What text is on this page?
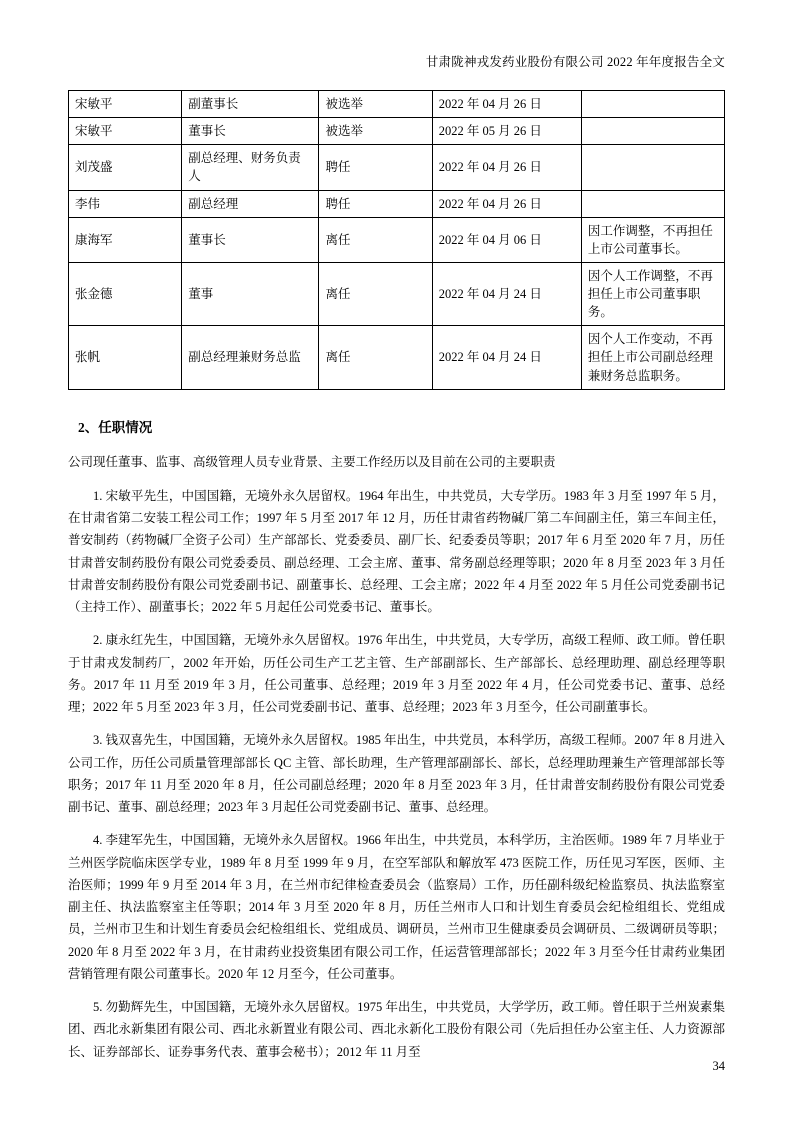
甘肃陇神戎发药业股份有限公司 2022 年年度报告全文
宋敏平	副董事长	被选举	2022 年 04 月 26 日	
宋敏平	董事长	被选举	2022 年 05 月 26 日	
刘茂盛	副总经理、财务负责人	聘任	2022 年 04 月 26 日	
李伟	副总经理	聘任	2022 年 04 月 26 日	
康海军	董事长	离任	2022 年 04 月 06 日	因工作调整，不再担任上市公司董事长。
张金德	董事	离任	2022 年 04 月 24 日	因个人工作调整，不再担任上市公司董事职务。
张帆	副总经理兼财务总监	离任	2022 年 04 月 24 日	因个人工作变动，不再担任上市公司副总经理兼财务总监职务。
2、任职情况

公司现任董事、监事、高级管理人员专业背景、主要工作经历以及目前在公司的主要职责

1. 宋敏平先生，中国国籍，无境外永久居留权。1964 年出生，中共党员，大专学历。1983 年 3 月至 1997 年 5 月，在甘肃省第二安装工程公司工作；1997 年 5 月至 2017 年 12 月，历任甘肃省药物碱厂第二车间副主任，第三车间主任，普安制药（药物碱厂全资子公司）生产部部长、党委委员、副厂长、纪委委员等职；2017 年 6 月至 2020 年 7 月，历任甘肃普安制药股份有限公司党委委员、副总经理、工会主席、董事、常务副总经理等职；2020 年 8 月至 2023 年 3 月任甘肃普安制药股份有限公司党委副书记、副董事长、总经理、工会主席；2022 年 4 月至 2022 年 5 月任公司党委副书记（主持工作）、副董事长；2022 年 5 月起任公司党委书记、董事长。

2. 康永红先生，中国国籍，无境外永久居留权。1976 年出生，中共党员，大专学历，高级工程师、政工师。曾任职于甘肃戎发制药厂，2002 年开始，历任公司生产工艺主管、生产部副部长、生产部部长、总经理助理、副总经理等职务。2017 年 11 月至 2019 年 3 月，任公司董事、总经理；2019 年 3 月至 2022 年 4 月，任公司党委书记、董事、总经理；2022 年 5 月至 2023 年 3 月，任公司党委副书记、董事、总经理；2023 年 3 月至今，任公司副董事长。

3. 钱双喜先生，中国国籍，无境外永久居留权。1985 年出生，中共党员，本科学历，高级工程师。2007 年 8 月进入公司工作，历任公司质量管理部部长 QC 主管、部长助理，生产管理部副部长、部长，总经理助理兼生产管理部部长等职务；2017 年 11 月至 2020 年 8 月，任公司副总经理；2020 年 8 月至 2023 年 3 月，任甘肃普安制药股份有限公司党委副书记、董事、副总经理；2023 年 3 月起任公司党委副书记、董事、总经理。

4. 李建军先生，中国国籍，无境外永久居留权。1966 年出生，中共党员，本科学历，主治医师。1989 年 7 月毕业于兰州医学院临床医学专业，1989 年 8 月至 1999 年 9 月，在空军部队和解放军 473 医院工作，历任见习军医，医师、主治医师；1999 年 9 月至 2014 年 3 月，在兰州市纪律检查委员会（监察局）工作，历任副科级纪检监察员、执法监察室副主任、执法监察室主任等职；2014 年 3 月至 2020 年 8 月，历任兰州市人口和计划生育委员会纪检组组长、党组成员，兰州市卫生和计划生育委员会纪检组组长、党组成员、调研员，兰州市卫生健康委员会调研员、二级调研员等职；2020 年 8 月至 2022 年 3 月，在甘肃药业投资集团有限公司工作，任运营管理部部长；2022 年 3 月至今任甘肃药业集团营销管理有限公司董事长。2020 年 12 月至今，任公司董事。

5. 勿勤辉先生，中国国籍，无境外永久居留权。1975 年出生，中共党员，大学学历，政工师。曾任职于兰州炭素集团、西北永新集团有限公司、西北永新置业有限公司、西北永新化工股份有限公司（先后担任办公室主任、人力资源部长、证券部部长、证券事务代表、董事会秘书）；2012 年 11 月至

34
